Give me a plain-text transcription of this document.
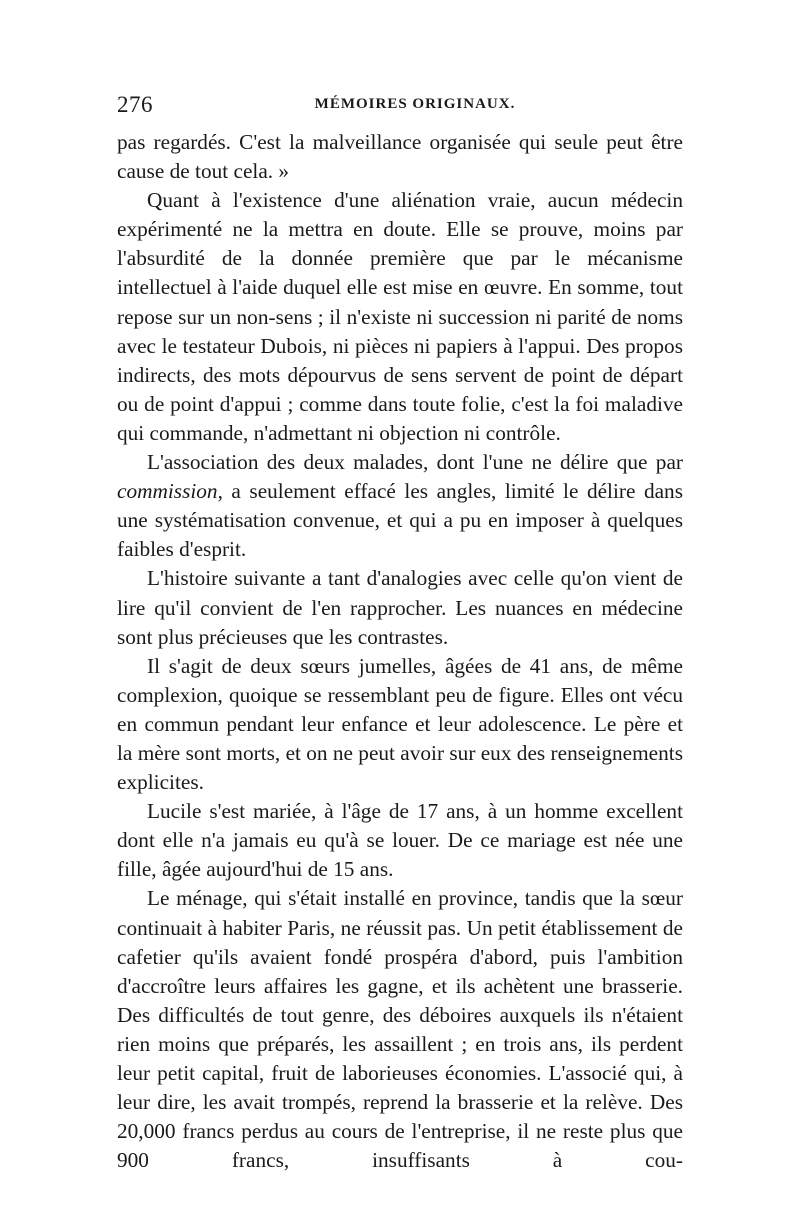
276	MÉMOIRES ORIGINAUX.

pas regardés. C'est la malveillance organisée qui seule peut être cause de tout cela. »

Quant à l'existence d'une aliénation vraie, aucun médecin expérimenté ne la mettra en doute. Elle se prouve, moins par l'absurdité de la donnée première que par le mécanisme intellectuel à l'aide duquel elle est mise en œuvre. En somme, tout repose sur un non-sens ; il n'existe ni succession ni parité de noms avec le testateur Dubois, ni pièces ni papiers à l'appui. Des propos indirects, des mots dépourvus de sens servent de point de départ ou de point d'appui ; comme dans toute folie, c'est la foi maladive qui commande, n'admettant ni objection ni contrôle.

L'association des deux malades, dont l'une ne délire que par commission, a seulement effacé les angles, limité le délire dans une systématisation convenue, et qui a pu en imposer à quelques faibles d'esprit.

L'histoire suivante a tant d'analogies avec celle qu'on vient de lire qu'il convient de l'en rapprocher. Les nuances en médecine sont plus précieuses que les contrastes.

Il s'agit de deux sœurs jumelles, âgées de 41 ans, de même complexion, quoique se ressemblant peu de figure. Elles ont vécu en commun pendant leur enfance et leur adolescence. Le père et la mère sont morts, et on ne peut avoir sur eux des renseignements explicites.

Lucile s'est mariée, à l'âge de 17 ans, à un homme excellent dont elle n'a jamais eu qu'à se louer. De ce mariage est née une fille, âgée aujourd'hui de 15 ans.

Le ménage, qui s'était installé en province, tandis que la sœur continuait à habiter Paris, ne réussit pas. Un petit établissement de cafetier qu'ils avaient fondé prospéra d'abord, puis l'ambition d'accroître leurs affaires les gagne, et ils achètent une brasserie. Des difficultés de tout genre, des déboires auxquels ils n'étaient rien moins que préparés, les assaillent ; en trois ans, ils perdent leur petit capital, fruit de laborieuses économies. L'associé qui, à leur dire, les avait trompés, reprend la brasserie et la relève. Des 20,000 francs perdus au cours de l'entreprise, il ne reste plus que 900 francs, insuffisants à cou-
